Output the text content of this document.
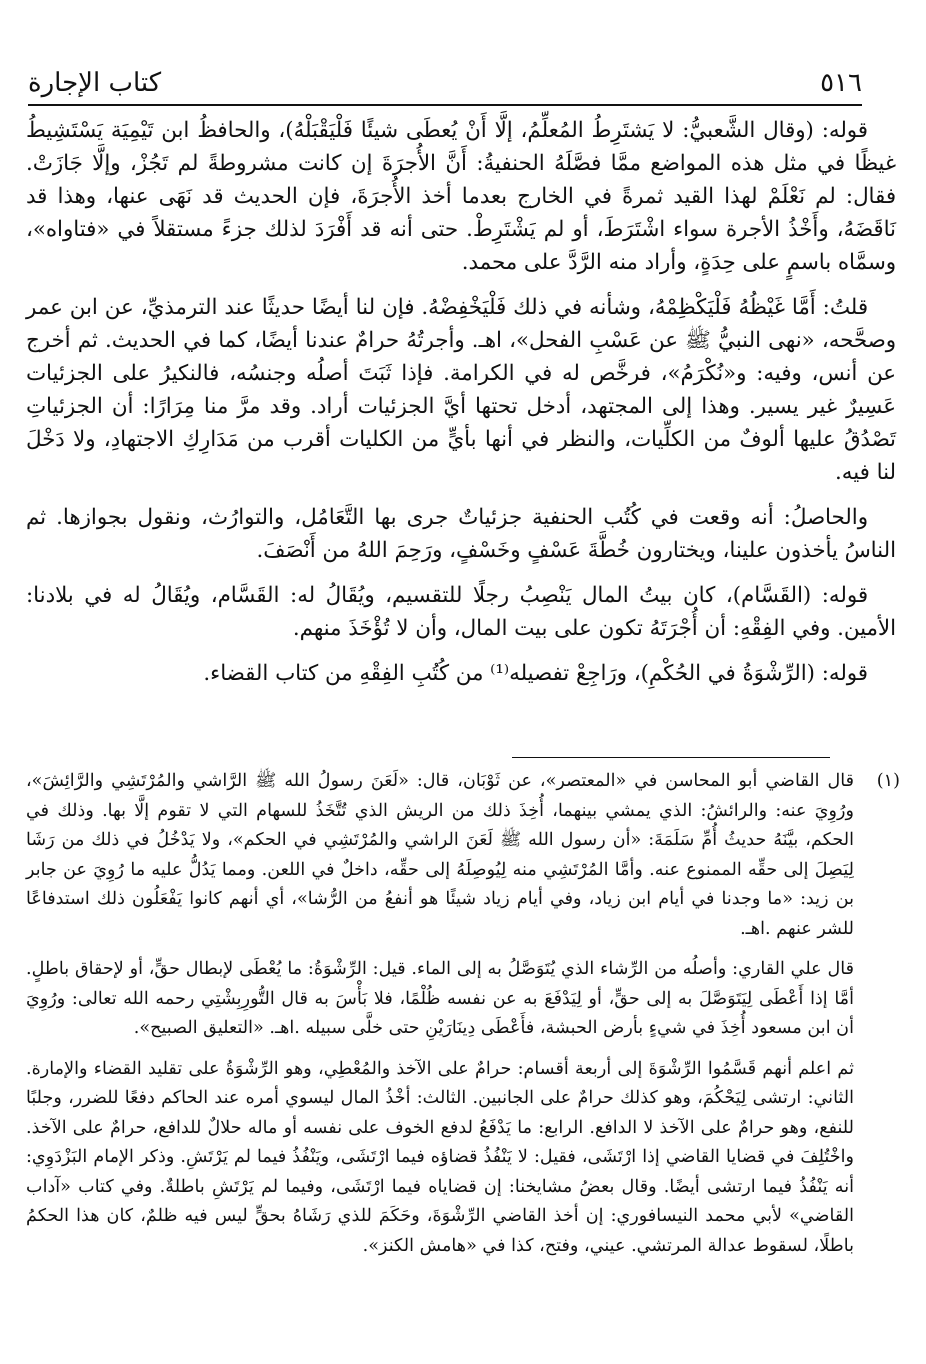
كتاب الإجارة	٥١٦

قوله: (وقال الشَّعبيُّ: لا يَشتَرِطُ المُعلِّمُ، إلَّا أَنْ يُعطَى شيئًا فَلْيَقْبَلْهُ)، والحافظُ ابن تَيْمِيَة يَسْتَشِيطُ غيظًا في مثل هذه المواضع ممَّا فصَّلَهُ الحنفيةُ: أَنَّ الأُجرَةَ إن كانت مشروطةً لم تَجُزْ، وإلَّا جَازَتْ. فقال: لم نَعْلَمْ لهذا القيد ثمرةً في الخارج بعدما أخذ الأُجرَةَ، فإن الحديث قد نَهَى عنها، وهذا قد نَاقَضَهُ، وأَخْذُ الأجرة سواء اشْتَرَطَ، أو لم يَشْتَرِطْ. حتى أنه قد أَفْرَدَ لذلك جزءً مستقلاً في «فتاواه»، وسمَّاه باسمٍ على حِدَةٍ، وأراد منه الرَّدَّ على محمد.

قلتُ: أَمَّا غَيْظُهُ فَلْيَكْظِمْهُ، وشأنه في ذلك فَلْيَخْفِضْهُ. فإن لنا أيضًا حديثًا عند الترمذيِّ، عن ابن عمر وصحَّحه، «نهى النبيُّ ﷺ عن عَسْبِ الفحل»، اهـ. وأجرتُهُ حرامٌ عندنا أيضًا، كما في الحديث. ثم أخرج عن أنس، وفيه: و«نُكْرَمُ»، فرخَّص له في الكرامة. فإذا ثَبَتَ أصلُه وجنسُه، فالنكيرُ على الجزئيات عَسِيرٌ غير يسير. وهذا إلى المجتهد، أدخل تحتها أيَّ الجزئيات أراد. وقد مرَّ منا مِرَارًا: أن الجزئياتِ تَصْدُقُ عليها ألوفٌ من الكلِّيات، والنظر في أنها بأيٍّ من الكليات أقرب من مَدَارِكِ الاجتهادِ، ولا دَخْلَ لنا فيه.

والحاصلُ: أنه وقعت في كُتُب الحنفية جزئياتٌ جرى بها التَّعَامُل، والتوارُث، ونقول بجوازها. ثم الناسُ يأخذون علينا، ويختارون خُطَّةَ عَسْفٍ وخَسْفٍ، ورَحِمَ اللهُ من أَنْصَفَ.

قوله: (القَسَّام)، كان بيتُ المال يَنْصِبُ رجلًا للتقسيم، ويُقَالُ له: القَسَّام، ويُقَالُ له في بلادنا: الأمين. وفي الفِقْهِ: أن أُجْرَتَهُ تكون على بيت المال، وأن لا تُؤْخَذَ منهم.

قوله: (الرِّشْوَةُ في الحُكْمِ)، ورَاجِعْ تفصيله⁽¹⁾ من كُتُبِ الفِقْهِ من كتاب القضاء.

(١)

قال القاضي أبو المحاسن في «المعتصر»، عن ثَوْبَان، قال: «لَعَنَ رسولُ الله ﷺ الرَّاشي والمُرْتَشِي والرَّائِشَ»، ورُوِيَ عنه: والرائشُ: الذي يمشي بينهما، أُخِذَ ذلك من الريش الذي تُتَّخَذُ للسهام التي لا تقوم إلَّا بها. وذلك في الحكم، بيَّنَهُ حديثُ أُمِّ سَلَمَةَ: «أن رسول الله ﷺ لَعَنَ الراشي والمُرْتَشِي في الحكم»، ولا يَدْخُلُ في ذلك من رَشَا لِيَصِلَ إلى حقِّه الممنوع عنه. وأمَّا المُرْتَشِي منه لِيُوصِلَهُ إلى حقِّه، داخلٌ في اللعن. ومما يَدُلُّ عليه ما رُوِيَ عن جابر بن زيد: «ما وجدنا في أيام ابن زياد، وفي أيام زياد شيئًا هو أنفعُ من الرُّشا»، أي أنهم كانوا يَفْعَلُون ذلك استدفاعًا للشر عنهم .اهـ.

قال علي القاري: وأصلُه من الرِّشاء الذي يُتَوَصَّلُ به إلى الماء. قيل: الرِّشْوَةُ: ما يُعْطَى لإبطال حقٍّ، أو لإحقاق باطلٍ. أمَّا إذا أَعْطَى لِيَتَوَصَّلَ به إلى حقٍّ، أو لِيَدْفَعَ به عن نفسه ظُلْمًا، فلا بَأْسَ به قال التُّورِبِشْتِي رحمه الله تعالى: ورُوِيَ أن ابن مسعود أُخِذَ في شيءٍ بأرض الحبشة، فأَعْطَى دِينَارَيْنِ حتى خلَّى سبيله .اهـ. «التعليق الصبيح».

ثم اعلم أنهم قَسَّمُوا الرِّشْوَةَ إلى أربعة أقسام: حرامٌ على الآخذ والمُعْطِي، وهو الرِّشْوَةُ على تقليد القضاء والإمارة. الثاني: ارتشى لِيَحْكُمَ، وهو كذلك حرامٌ على الجانبين. الثالث: أخْذُ المال ليسوي أمره عند الحاكم دفعًا للضرر، وجلبًا للنفع، وهو حرامٌ على الآخذ لا الدافع. الرابع: ما يَدْفَعُ لدفع الخوف على نفسه أو ماله حلالٌ للدافع، حرامٌ على الآخذ. واخْتُلِفَ في قضايا القاضي إذا ارْتَشَى، فقيل: لا يَنْفُذُ قضاؤه فيما ارْتَشَى، ويَنْفُذُ فيما لم يَرْتَشِ. وذكر الإمام البَزْدَوِي: أنه يَنْفُذُ فيما ارتشى أيضًا. وقال بعضُ مشايخنا: إن قضاياه فيما ارْتَشَى، وفيما لم يَرْتَشِ باطلةٌ. وفي كتاب «آداب القاضي» لأبي محمد النيسافوري: إن أخذ القاضي الرِّشْوَةَ، وحَكَمَ للذي رَشَاهُ بحقٍّ ليس فيه ظلمٌ، كان هذا الحكمُ باطلًا، لسقوط عدالة المرتشي. عيني، وفتح، كذا في «هامش الكنز».
